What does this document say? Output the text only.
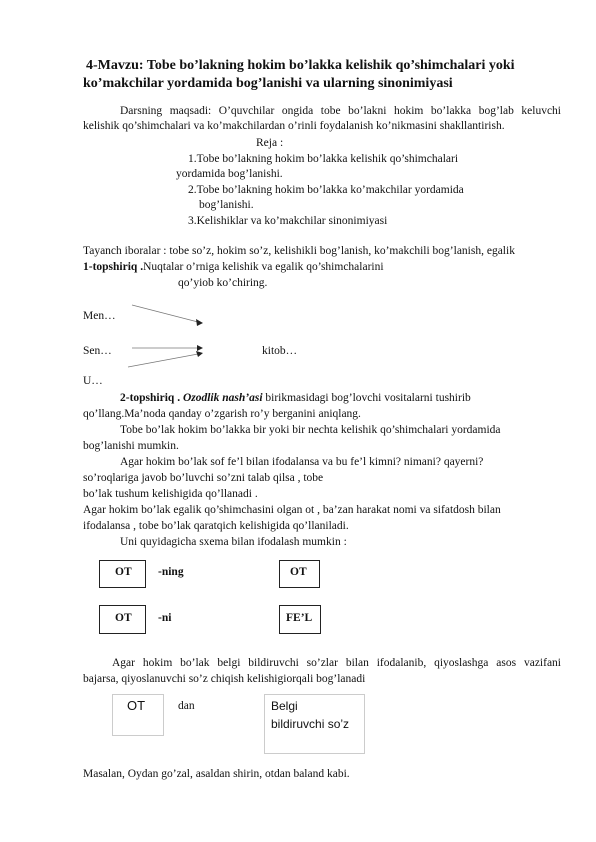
4-Mavzu: Tobe bo’lakning hokim bo’lakka kelishik qo’shimchalari yoki
ko’makchilar yordamida bog’lanishi va ularning sinonimiyasi
Darsning maqsadi: O’quvchilar ongida tobe bo’lakni hokim bo’lakka bog’lab keluvchi
kelishik qo’shimchalari va ko’makchilardan o’rinli foydalanish ko’nikmasini shakllantirish.
Reja :
1.Tobe bo’lakning hokim bo’lakka kelishik qo’shimchalari
yordamida bog’lanishi.
2.Tobe bo’lakning hokim bo’lakka ko’makchilar yordamida
bog’lanishi.
3.Kelishiklar va ko’makchilar sinonimiyasi
Tayanch iboralar : tobe so’z, hokim so’z, kelishikli bog’lanish, ko’makchili bog’lanish, egalik
1-topshiriq .Nuqtalar o’rniga kelishik va egalik qo’shimchalarini
qo’yiob ko’chiring.
Men…
Sen…
U…
kitob…
2-topshiriq . Ozodlik nash’asi birikmasidagi bog’lovchi vositalarni tushirib
qo’llang.Ma’noda qanday o’zgarish ro’y berganini aniqlang.
Tobe bo’lak hokim bo’lakka bir yoki bir nechta kelishik qo’shimchalari yordamida
bog’lanishi mumkin.
Agar hokim bo’lak sof fe’l bilan ifodalansa va bu fe’l kimni? nimani? qayerni?
so’roqlariga javob bo’luvchi so’zni talab qilsa , tobe
bo’lak tushum kelishigida qo’llanadi .
Agar hokim bo’lak egalik qo’shimchasini olgan ot , ba’zan harakat nomi va sifatdosh bilan
ifodalansa , tobe bo’lak qaratqich kelishigida qo’llaniladi.
Uni quyidagicha sxema bilan ifodalash mumkin :
OT -ning	OT
OT -ni	FE’L
Agar hokim bo’lak belgi bildiruvchi so’zlar bilan ifodalanib, qiyoslashga asos vazifani
bajarsa, qiyoslanuvchi so’z chiqish kelishigiorqali bog’lanadi
OT	dan	Belgi
bildiruvchi so’z
Masalan, Oydan go’zal, asaldan shirin, otdan baland kabi.
